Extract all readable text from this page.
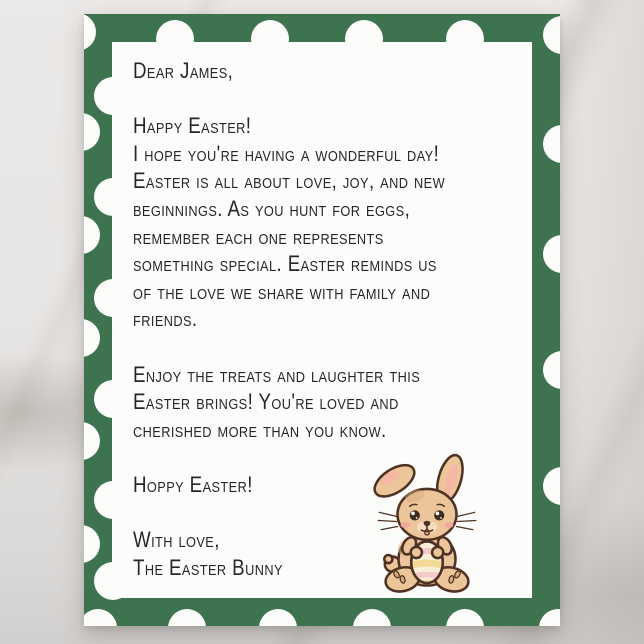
Dear James,

Happy Easter!
I hope you're having a wonderful day!
Easter is all about love, joy, and new
beginnings. As you hunt for eggs,
remember each one represents
something special. Easter reminds us
of the love we share with family and
friends.

Enjoy the treats and laughter this
Easter brings! You're loved and
cherished more than you know.

Hoppy Easter!

With love,
The Easter Bunny
